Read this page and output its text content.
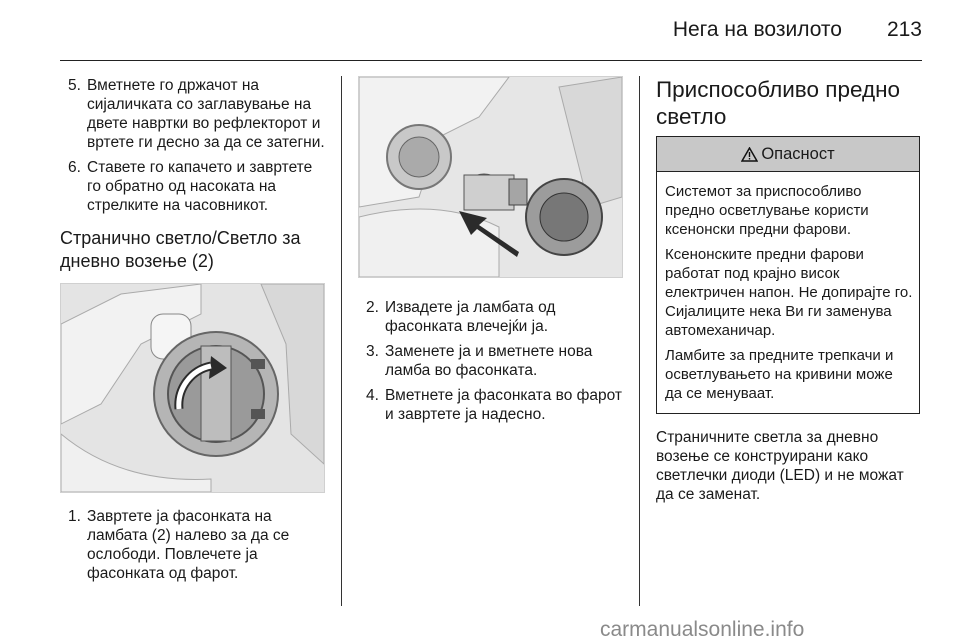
Нега на возилото 213
5. Вметнете го држачот на сијаличката со заглавување на двете навртки во рефлекторот и вртете ги десно за да се затегни.
6. Ставете го капачето и завртете го обратно од насоката на стрелките на часовникот.
Странично светло/Светло за дневно возење (2)
1. Завртете ја фасонката на ламбата (2) налево за да се ослободи. Повлечете ја фасонката од фарот.
2. Извадете ја ламбата од фасонката влечејќи ја.
3. Заменете ја и вметнете нова ламба во фасонката.
4. Вметнете ја фасонката во фарот и завртете ја надесно.
Приспособливо предно светло
Опасност

Системот за приспособливо предно осветлување користи ксенонски предни фарови.

Ксенонските предни фарови работат под крајно висок електричен напон. Не допирајте го. Сијалиците нека Ви ги заменува автомеханичар.

Ламбите за предните трепкачи и осветлувањето на кривини може да се менуваат.

Страничните светла за дневно возење се конструирани како светлечки диоди (LED) и не можат да се заменат.
carmanualsonline.info
